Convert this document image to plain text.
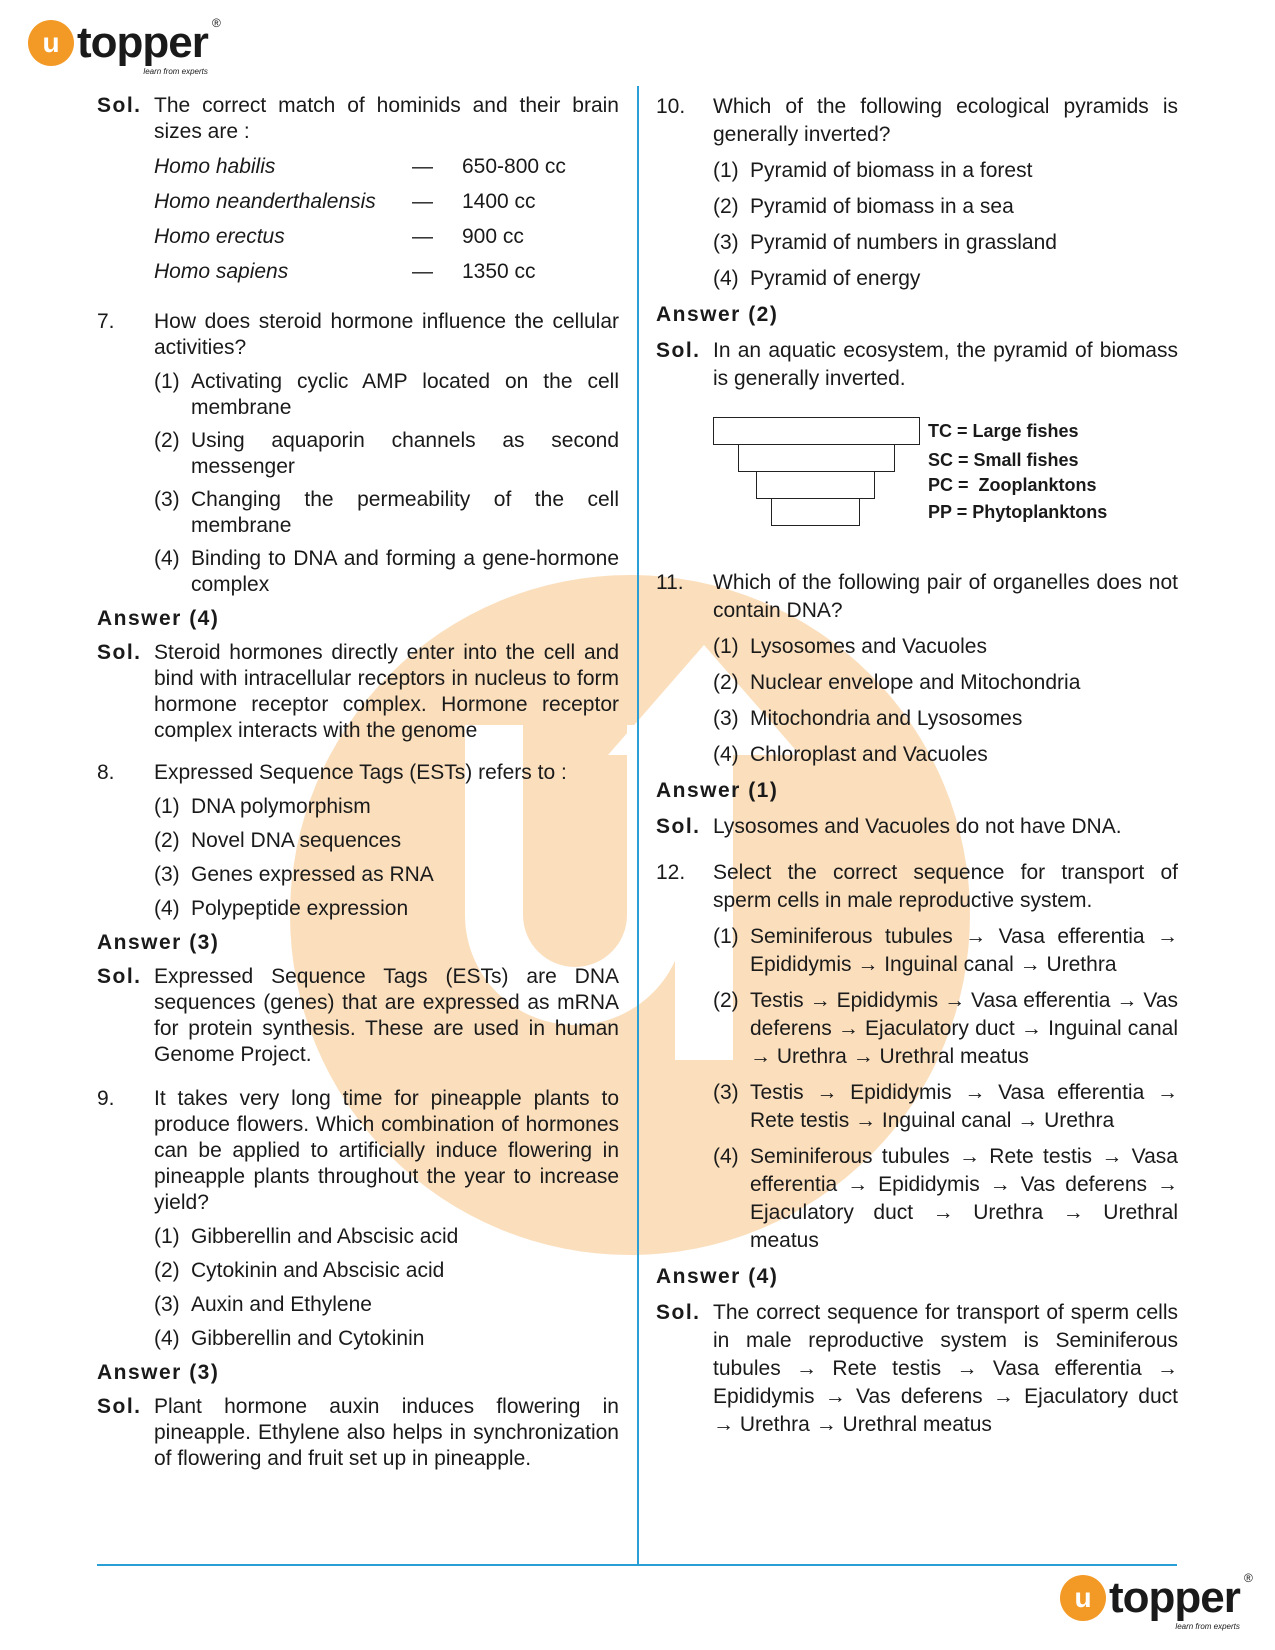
u topper ®
learn from experts
Sol. The correct match of hominids and their brain sizes are :
Homo habilis	—	650-800 cc
Homo neanderthalensis	—	1400 cc
Homo erectus	—	900 cc
Homo sapiens	—	1350 cc
7.	How does steroid hormone influence the cellular activities?
(1) Activating cyclic AMP located on the cell membrane
(2) Using aquaporin channels as second messenger
(3) Changing the permeability of the cell membrane
(4) Binding to DNA and forming a gene-hormone complex
Answer (4)
Sol. Steroid hormones directly enter into the cell and bind with intracellular receptors in nucleus to form hormone receptor complex. Hormone receptor complex interacts with the genome
8.	Expressed Sequence Tags (ESTs) refers to :
(1) DNA polymorphism
(2) Novel DNA sequences
(3) Genes expressed as RNA
(4) Polypeptide expression
Answer (3)
Sol. Expressed Sequence Tags (ESTs) are DNA sequences (genes) that are expressed as mRNA for protein synthesis. These are used in human Genome Project.
9.	It takes very long time for pineapple plants to produce flowers. Which combination of hormones can be applied to artificially induce flowering in pineapple plants throughout the year to increase yield?
(1) Gibberellin and Abscisic acid
(2) Cytokinin and Abscisic acid
(3) Auxin and Ethylene
(4) Gibberellin and Cytokinin
Answer (3)
Sol. Plant hormone auxin induces flowering in pineapple. Ethylene also helps in synchronization of flowering and fruit set up in pineapple.
10.	Which of the following ecological pyramids is generally inverted?
(1) Pyramid of biomass in a forest
(2) Pyramid of biomass in a sea
(3) Pyramid of numbers in grassland
(4) Pyramid of energy
Answer (2)
Sol. In an aquatic ecosystem, the pyramid of biomass is generally inverted.
TC = Large fishes
SC = Small fishes
PC =  Zooplanktons
PP = Phytoplanktons
11.	Which of the following pair of organelles does not contain DNA?
(1) Lysosomes and Vacuoles
(2) Nuclear envelope and Mitochondria
(3) Mitochondria and Lysosomes
(4) Chloroplast and Vacuoles
Answer (1)
Sol. Lysosomes and Vacuoles do not have DNA.
12.	Select the correct sequence for transport of sperm cells in male reproductive system.
(1) Seminiferous tubules → Vasa efferentia → Epididymis → Inguinal canal → Urethra
(2) Testis → Epididymis → Vasa efferentia → Vas deferens → Ejaculatory duct → Inguinal canal → Urethra → Urethral meatus
(3) Testis → Epididymis → Vasa efferentia → Rete testis → Inguinal canal → Urethra
(4) Seminiferous tubules → Rete testis → Vasa efferentia → Epididymis → Vas deferens → Ejaculatory duct → Urethra → Urethral meatus
Answer (4)
Sol. The correct sequence for transport of sperm cells in male reproductive system is Seminiferous tubules → Rete testis → Vasa efferentia → Epididymis → Vas deferens → Ejaculatory duct → Urethra → Urethral meatus
u topper ®
learn from experts
